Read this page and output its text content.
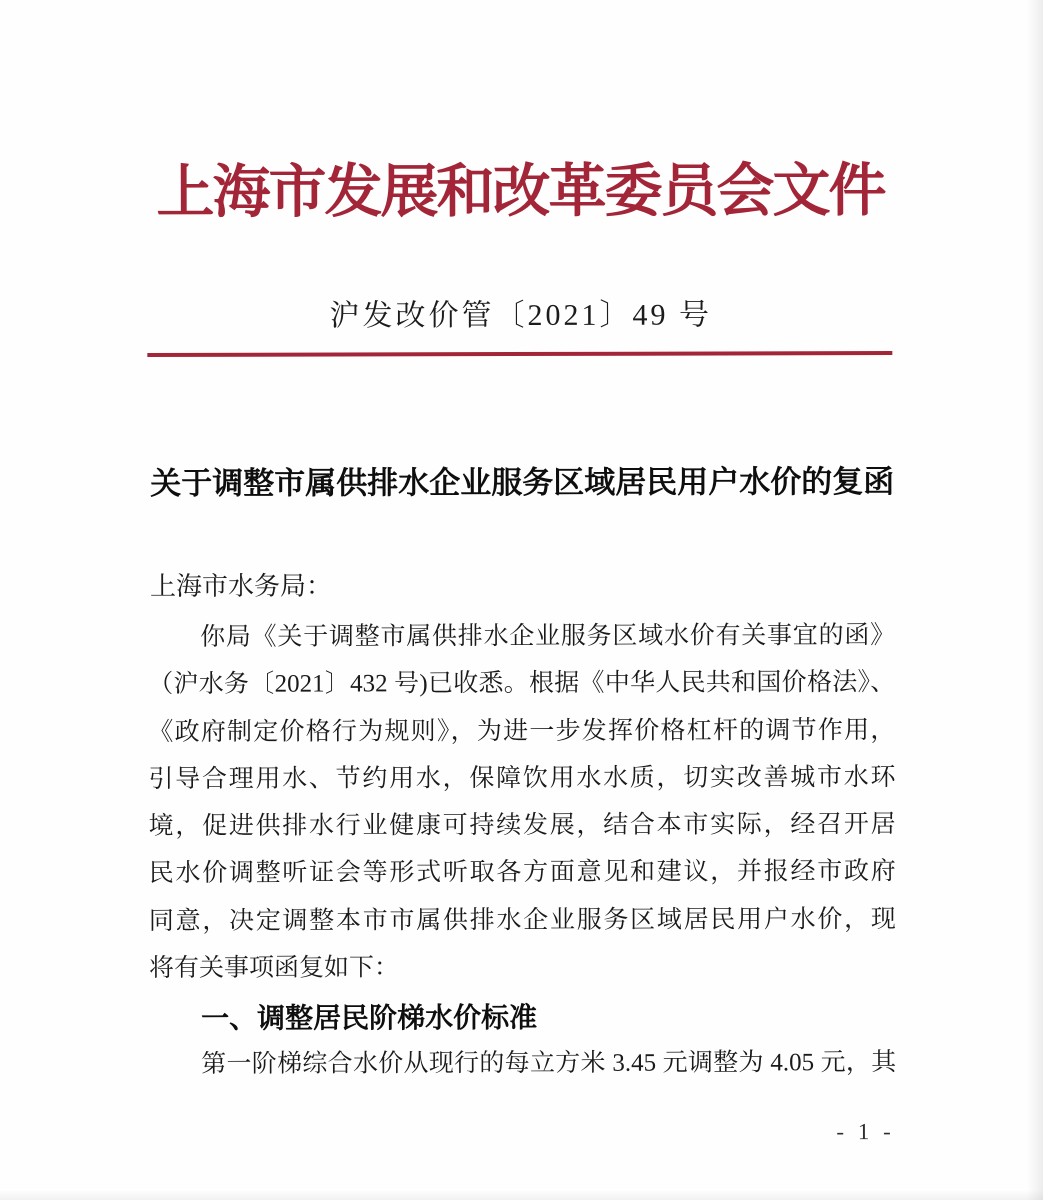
上海市发展和改革委员会文件
沪发改价管〔2021〕49 号
关于调整市属供排水企业服务区域居民用户水价的复函
上海市水务局：
你局《关于调整市属供排水企业服务区域水价有关事宜的函》
（沪水务〔2021〕432 号)已收悉。根据《中华人民共和国价格法》、
《政府制定价格行为规则》，为进一步发挥价格杠杆的调节作用，
引导合理用水、节约用水，保障饮用水水质，切实改善城市水环
境，促进供排水行业健康可持续发展，结合本市实际，经召开居
民水价调整听证会等形式听取各方面意见和建议，并报经市政府
同意，决定调整本市市属供排水企业服务区域居民用户水价，现
将有关事项函复如下：
一、调整居民阶梯水价标准
第一阶梯综合水价从现行的每立方米 3.45 元调整为 4.05 元，其
- 1 -
